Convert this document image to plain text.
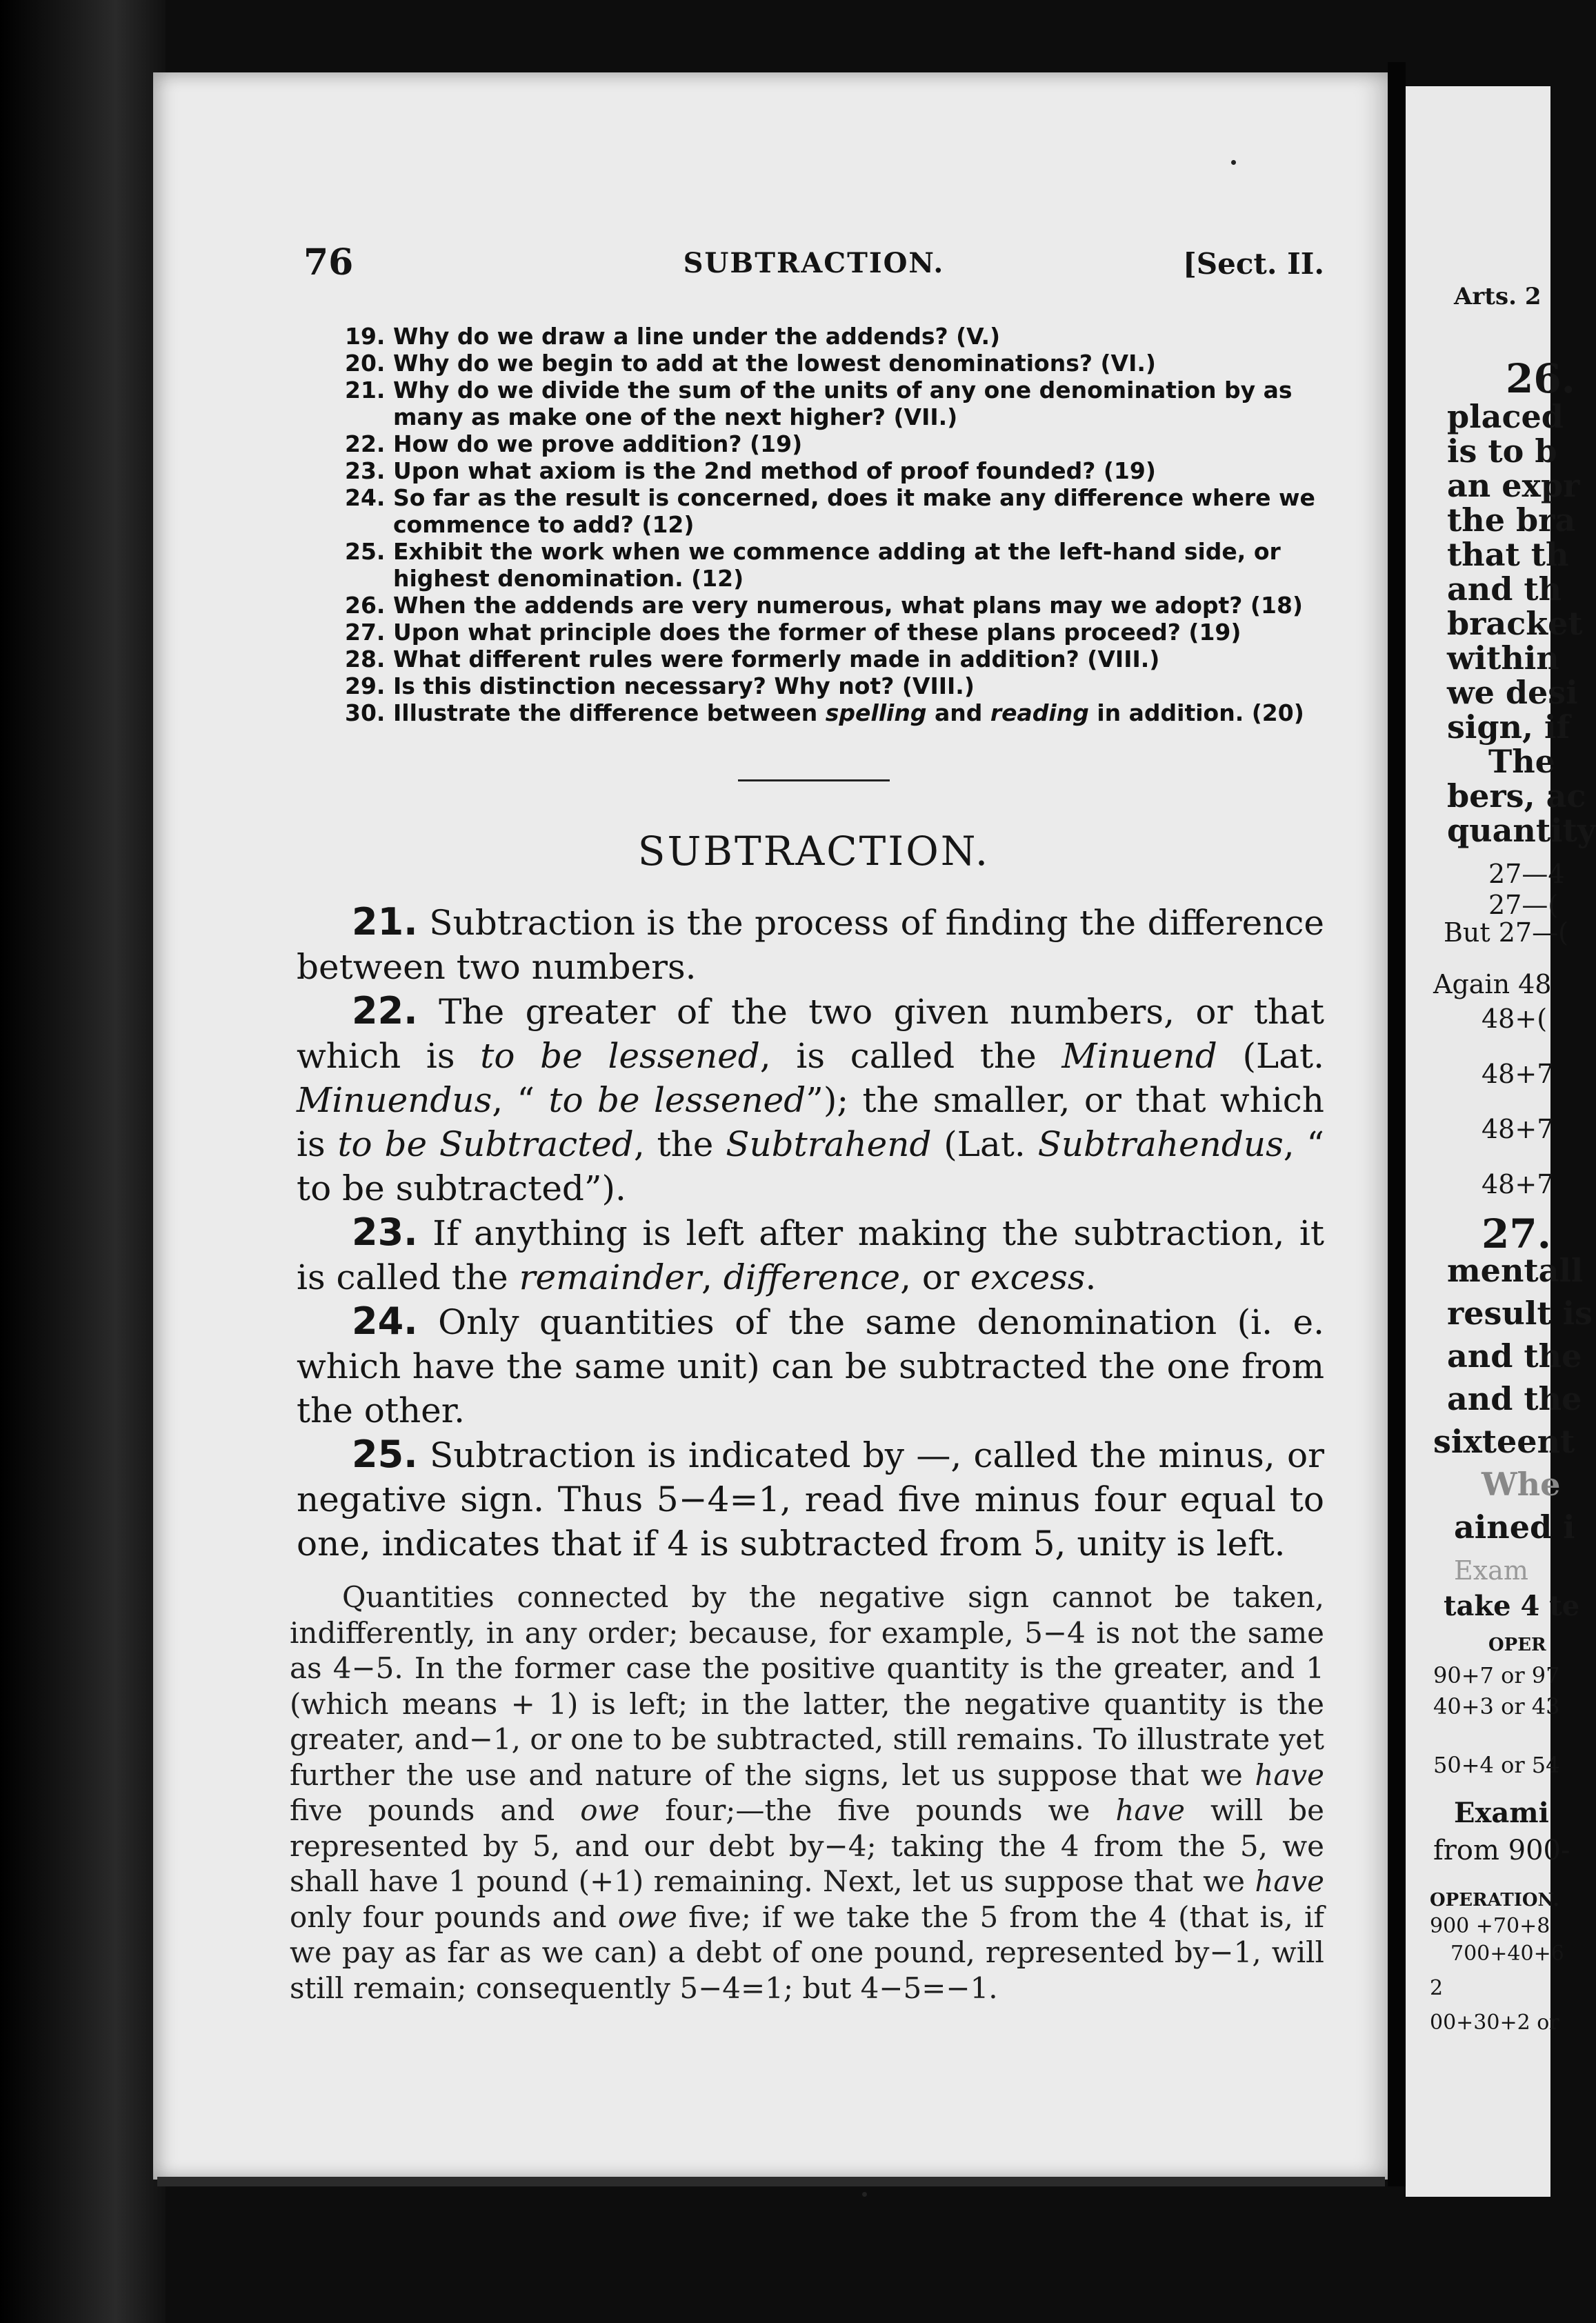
Arts. 2
26.
placed
is to b
an expr
the bra
that th
and th
bracket
within
we desi
sign, if
The
bers, ac
quantity
27—4
27—(
But 27—(
Again 48
48+(
48+7
48+7
48+7
27.
mentall
result is
and the
and the
sixteent
Whe
ained i
Exam
take 4 te
OPER
90+7 or 97
40+3 or 43
50+4 or 54
Exami
from 900-
OPERATION.
900 +70+8
700+40+6
2
00+30+2 or
76	SUBTRACTION.	[Sect. II.
19. Why do we draw a line under the addends? (V.)
20. Why do we begin to add at the lowest denominations? (VI.)
21. Why do we divide the sum of the units of any one denomination by as many as make one of the next higher? (VII.)
22. How do we prove addition? (19)
23. Upon what axiom is the 2nd method of proof founded? (19)
24. So far as the result is concerned, does it make any difference where we commence to add? (12)
25. Exhibit the work when we commence adding at the left-hand side, or highest denomination. (12)
26. When the addends are very numerous, what plans may we adopt? (18)
27. Upon what principle does the former of these plans proceed? (19)
28. What different rules were formerly made in addition? (VIII.)
29. Is this distinction necessary? Why not? (VIII.)
30. Illustrate the difference between spelling and reading in addition. (20)
SUBTRACTION.

21. Subtraction is the process of finding the difference between two numbers.

22. The greater of the two given numbers, or that which is to be lessened, is called the Minuend (Lat. Minuendus, “ to be lessened”); the smaller, or that which is to be Subtracted, the Subtrahend (Lat. Subtrahendus, “ to be subtracted”).

23. If anything is left after making the subtraction, it is called the remainder, difference, or excess.

24. Only quantities of the same denomination (i. e. which have the same unit) can be subtracted the one from the other.

25. Subtraction is indicated by —, called the minus, or negative sign. Thus 5−4=1, read five minus four equal to one, indicates that if 4 is subtracted from 5, unity is left.

Quantities connected by the negative sign cannot be taken, indifferently, in any order; because, for example, 5−4 is not the same as 4−5. In the former case the positive quantity is the greater, and 1 (which means + 1) is left; in the latter, the negative quantity is the greater, and−1, or one to be subtracted, still remains. To illustrate yet further the use and nature of the signs, let us suppose that we have five pounds and owe four;—the five pounds we have will be represented by 5, and our debt by−4; taking the 4 from the 5, we shall have 1 pound (+1) remaining. Next, let us suppose that we have only four pounds and owe five; if we take the 5 from the 4 (that is, if we pay as far as we can) a debt of one pound, represented by−1, will still remain; consequently 5−4=1; but 4−5=−1.
